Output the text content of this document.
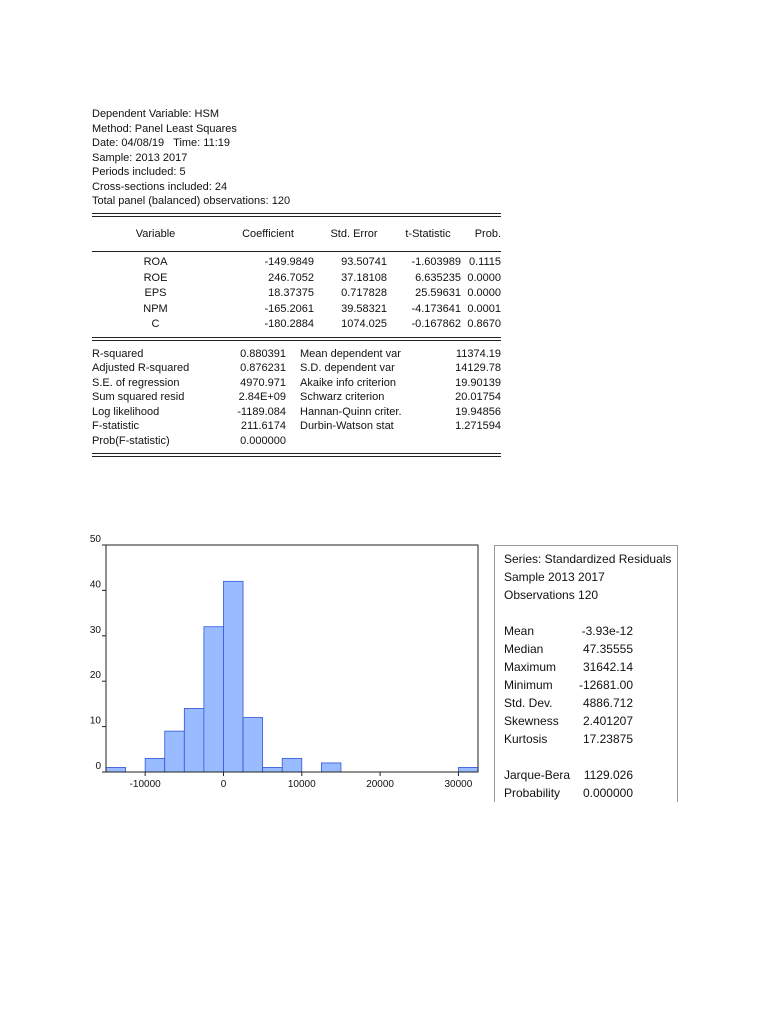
Dependent Variable: HSM
Method: Panel Least Squares
Date: 04/08/19   Time: 11:19
Sample: 2013 2017
Periods included: 5
Cross-sections included: 24
Total panel (balanced) observations: 120
Variable	Coefficient	Std. Error	t-Statistic	Prob.
ROA	-149.9849	93.50741	-1.603989 0.1115
ROE	246.7052	37.18108	6.635235 0.0000
EPS	18.37375	0.717828	25.59631 0.0000
NPM	-165.2061	39.58321	-4.173641 0.0001
C	-180.2884	1074.025	-0.167862 0.8670
R-squared	0.880391	Mean dependent var	11374.19
Adjusted R-squared	0.876231	S.D. dependent var	14129.78
S.E. of regression	4970.971	Akaike info criterion	19.90139
Sum squared resid	2.84E+09	Schwarz criterion	20.01754
Log likelihood	-1189.084	Hannan-Quinn criter.	19.94856
F-statistic	211.6174	Durbin-Watson stat	1.271594
Prob(F-statistic)	0.000000
0
10
20
30
40
50
-10000	0	10000	20000	30000
Series: Standardized Residuals
Sample 2013 2017
Observations 120
Mean	-3.93e-12
Median	47.35555
Maximum 31642.14
Minimum -12681.00
Std. Dev.	4886.712
Skewness 2.401207
Kurtosis	17.23875
Jarque-Bera 1129.026
Probability 0.000000
